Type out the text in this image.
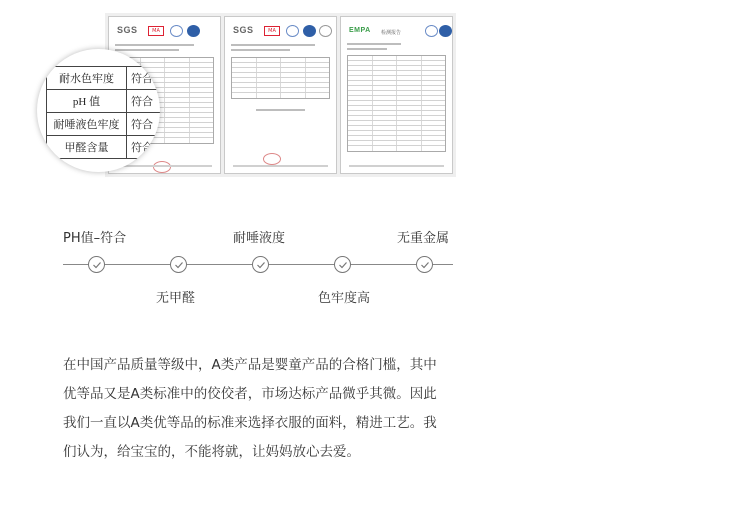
SGS	MA	SGS	MA	EMPA 检测报告
耐水色牢度	符合
pH 值	符合
耐唾液色牢度	符合
甲醛含量	符合
PH值–符合	耐唾液度	无重金属
无甲醛	色牢度高
在中国产品质量等级中，A类产品是婴童产品的合格门槛，其中
优等品又是A类标准中的佼佼者，市场达标产品微乎其微。因此
我们一直以A类优等品的标准来选择衣服的面料，精进工艺。我
们认为，给宝宝的，不能将就，让妈妈放心去爱。
